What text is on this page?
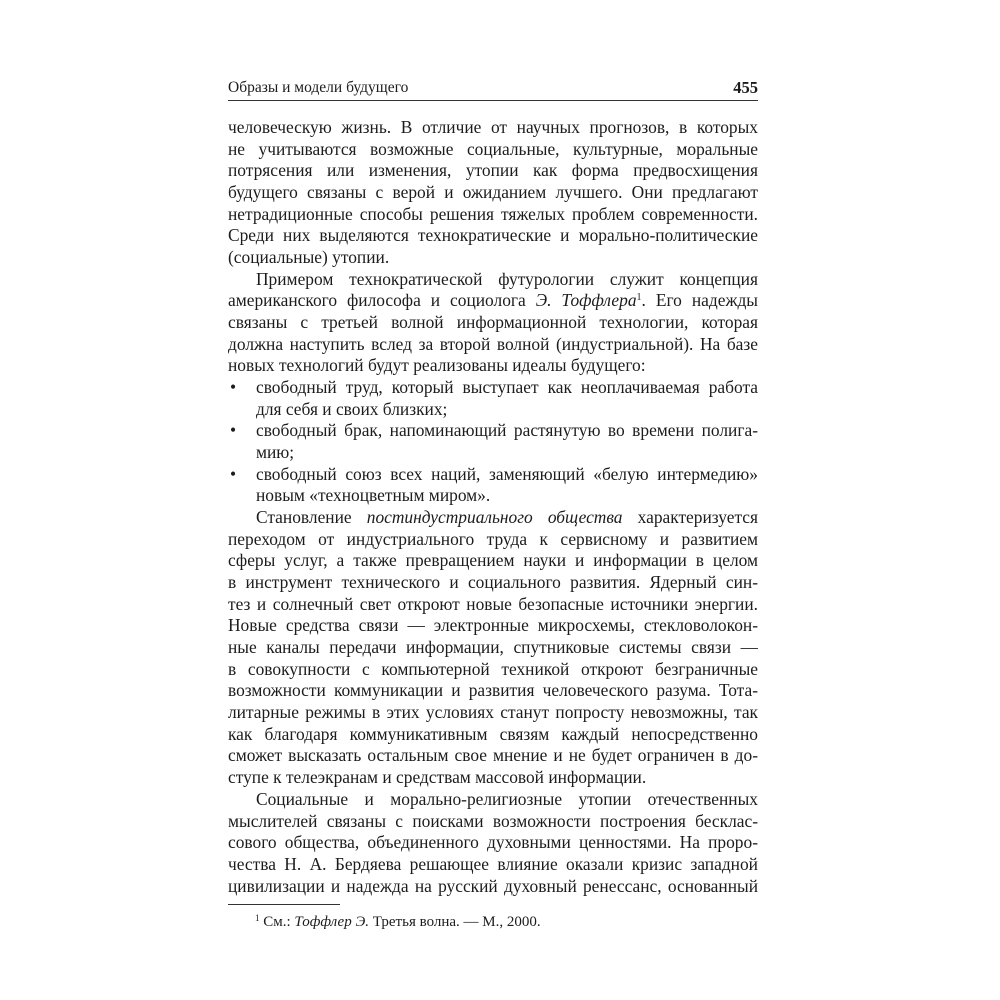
Образы и модели будущего	455
человеческую жизнь. В отличие от научных прогнозов, в которых
не учитываются возможные социальные, культурные, моральные
потрясения или изменения, утопии как форма предвосхищения
будущего связаны с верой и ожиданием лучшего. Они предлагают
нетрадиционные способы решения тяжелых проблем современности.
Среди них выделяются технократические и морально-политические
(социальные) утопии.
Примером технократической футурологии служит концепция
американского философа и социолога Э. Тоффлера$^1$. Его надежды
связаны с третьей волной информационной технологии, которая
должна наступить вслед за второй волной (индустриальной). На базе
новых технологий будут реализованы идеалы будущего:
• свободный труд, который выступает как неоплачиваемая работа
для себя и своих близких;
• свободный брак, напоминающий растянутую во времени полига-
мию;
• свободный союз всех наций, заменяющий «белую интермедию»
новым «техноцветным миром».
Становление постиндустриального общества характеризуется
переходом от индустриального труда к сервисному и развитием
сферы услуг, а также превращением науки и информации в целом
в инструмент технического и социального развития. Ядерный син-
тез и солнечный свет откроют новые безопасные источники энергии.
Новые средства связи — электронные микросхемы, стекловолокон-
ные каналы передачи информации, спутниковые системы связи —
в совокупности с компьютерной техникой откроют безграничные
возможности коммуникации и развития человеческого разума. Тота-
литарные режимы в этих условиях станут попросту невозможны, так
как благодаря коммуникативным связям каждый непосредственно
сможет высказать остальным свое мнение и не будет ограничен в до-
ступе к телеэкранам и средствам массовой информации.
Социальные и морально-религиозные утопии отечественных
мыслителей связаны с поисками возможности построения бесклас-
сового общества, объединенного духовными ценностями. На проро-
чества Н. А. Бердяева решающее влияние оказали кризис западной
цивилизации и надежда на русский духовный ренессанс, основанный
$^1$ См.: Тоффлер Э. Третья волна. — М., 2000.
